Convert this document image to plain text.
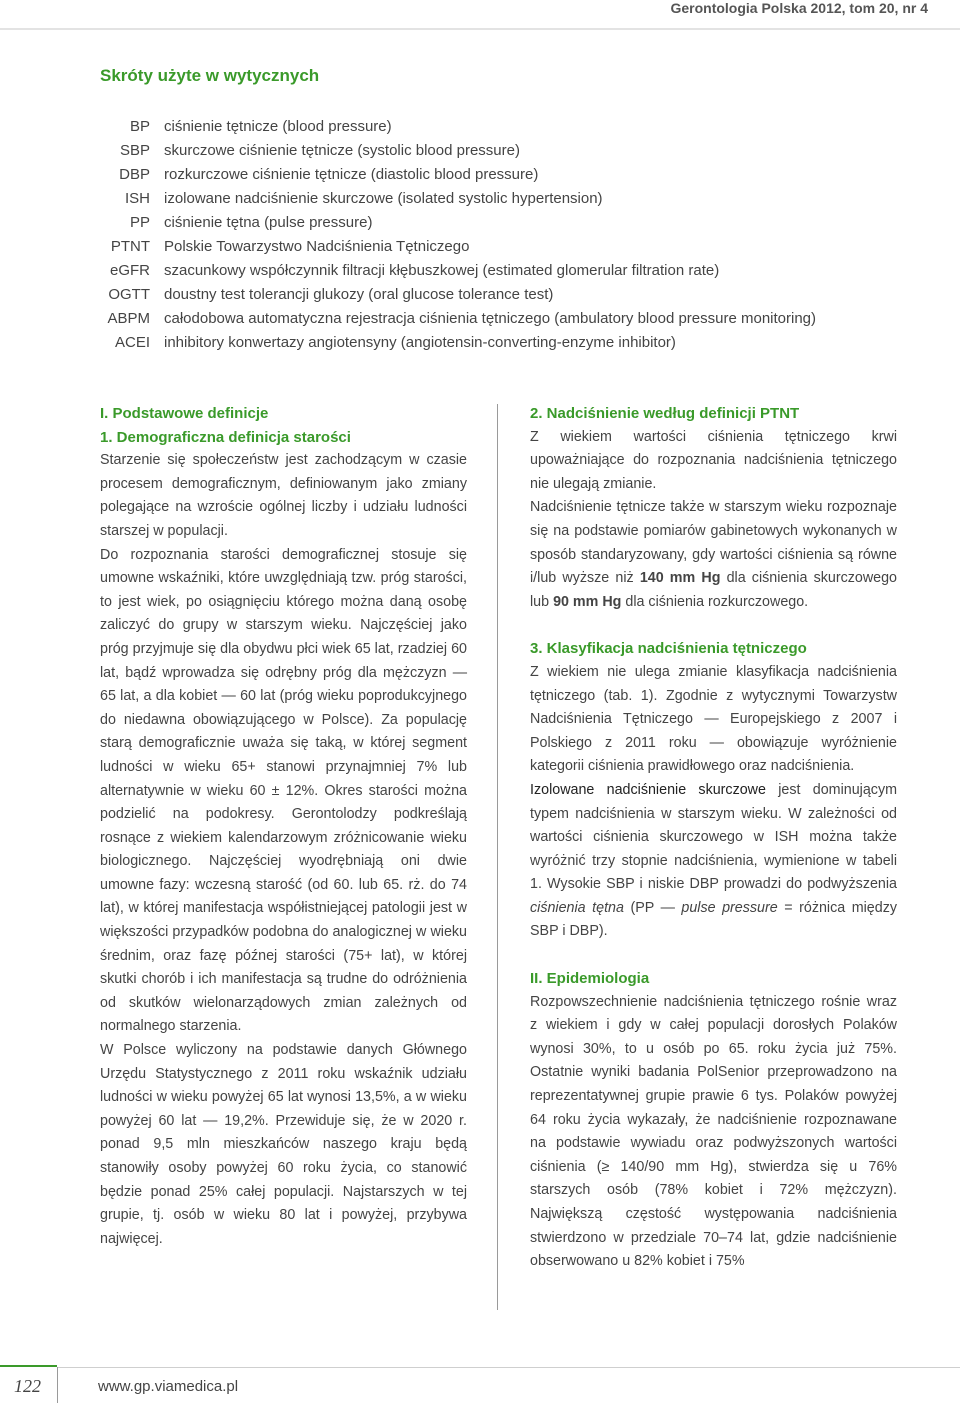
Gerontologia Polska 2012, tom 20, nr 4
Skróty użyte w wytycznych
BP ciśnienie tętnicze (blood pressure)
SBP skurczowe ciśnienie tętnicze (systolic blood pressure)
DBP rozkurczowe ciśnienie tętnicze (diastolic blood pressure)
ISH izolowane nadciśnienie skurczowe (isolated systolic hypertension)
PP ciśnienie tętna (pulse pressure)
PTNT Polskie Towarzystwo Nadciśnienia Tętniczego
eGFR szacunkowy współczynnik filtracji kłębuszkowej (estimated glomerular filtration rate)
OGTT doustny test tolerancji glukozy (oral glucose tolerance test)
ABPM całodobowa automatyczna rejestracja ciśnienia tętniczego (ambulatory blood pressure monitoring)
ACEI inhibitory konwertazy angiotensyny (angiotensin-converting-enzyme inhibitor)
I. Podstawowe definicje
1. Demograficzna definicja starości

Starzenie się społeczeństw jest zachodzącym w czasie procesem demograficznym, definiowanym jako zmiany polegające na wzroście ogólnej liczby i udziału ludności starszej w populacji.

Do rozpoznania starości demograficznej stosuje się umowne wskaźniki, które uwzględniają tzw. próg starości, to jest wiek, po osiągnięciu którego można daną osobę zaliczyć do grupy w starszym wieku. Najczęściej jako próg przyjmuje się dla obydwu płci wiek 65 lat, rzadziej 60 lat, bądź wprowadza się odrębny próg dla mężczyzn — 65 lat, a dla kobiet — 60 lat (próg wieku poprodukcyjnego do niedawna obowiązującego w Polsce). Za populację starą demograficznie uważa się taką, w której segment ludności w wieku 65+ stanowi przynajmniej 7% lub alternatywnie w wieku 60 ± 12%. Okres starości można podzielić na podokresy. Gerontolodzy podkreślają rosnące z wiekiem kalendarzowym zróżnicowanie wieku biologicznego. Najczęściej wyodrębniają oni dwie umowne fazy: wczesną starość (od 60. lub 65. rż. do 74 lat), w której manifestacja współistniejącej patologii jest w większości przypadków podobna do analogicznej w wieku średnim, oraz fazę późnej starości (75+ lat), w której skutki chorób i ich manifestacja są trudne do odróżnienia od skutków wielonarządowych zmian zależnych od normalnego starzenia.

W Polsce wyliczony na podstawie danych Głównego Urzędu Statystycznego z 2011 roku wskaźnik udziału ludności w wieku powyżej 65 lat wynosi 13,5%, a w wieku powyżej 60 lat — 19,2%. Przewiduje się, że w 2020 r. ponad 9,5 mln mieszkańców naszego kraju będą stanowiły osoby powyżej 60 roku życia, co stanowić będzie ponad 25% całej populacji. Najstarszych w tej grupie, tj. osób w wieku 80 lat i powyżej, przybywa najwięcej.

2. Nadciśnienie według definicji PTNT

Z wiekiem wartości ciśnienia tętniczego krwi upoważniające do rozpoznania nadciśnienia tętniczego nie ulegają zmianie.

Nadciśnienie tętnicze także w starszym wieku rozpoznaje się na podstawie pomiarów gabinetowych wykonanych w sposób standaryzowany, gdy wartości ciśnienia są równe i/lub wyższe niż 140 mm Hg dla ciśnienia skurczowego lub 90 mm Hg dla ciśnienia rozkurczowego.

3. Klasyfikacja nadciśnienia tętniczego

Z wiekiem nie ulega zmianie klasyfikacja nadciśnienia tętniczego (tab. 1). Zgodnie z wytycznymi Towarzystw Nadciśnienia Tętniczego — Europejskiego z 2007 i Polskiego z 2011 roku — obowiązuje wyróżnienie kategorii ciśnienia prawidłowego oraz nadciśnienia.

Izolowane nadciśnienie skurczowe jest dominującym typem nadciśnienia w starszym wieku. W zależności od wartości ciśnienia skurczowego w ISH można także wyróżnić trzy stopnie nadciśnienia, wymienione w tabeli 1. Wysokie SBP i niskie DBP prowadzi do podwyższenia ciśnienia tętna (PP — pulse pressure = różnica między SBP i DBP).

II. Epidemiologia

Rozpowszechnienie nadciśnienia tętniczego rośnie wraz z wiekiem i gdy w całej populacji dorosłych Polaków wynosi 30%, to u osób po 65. roku życia już 75%. Ostatnie wyniki badania PolSenior przeprowadzono na reprezentatywnej grupie prawie 6 tys. Polaków powyżej 64 roku życia wykazały, że nadciśnienie rozpoznawane na podstawie wywiadu oraz podwyższonych wartości ciśnienia (≥ 140/90 mm Hg), stwierdza się u 76% starszych osób (78% kobiet i 72% mężczyzn). Największą częstość występowania nadciśnienia stwierdzono w przedziale 70–74 lat, gdzie nadciśnienie obserwowano u 82% kobiet i 75%

122	www.gp.viamedica.pl
